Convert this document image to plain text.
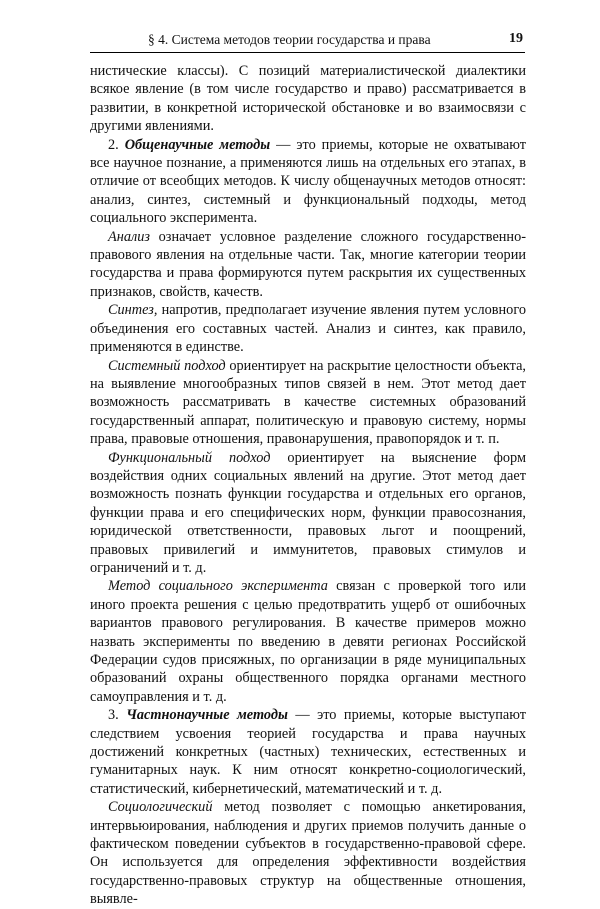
§ 4. Система методов теории государства и права	19

нистические классы). С позиций материалистической диалектики всякое явление (в том числе государство и право) рассматривается в развитии, в конкретной исторической обстановке и во взаимосвязи с другими явлениями.

2. Общенаучные методы — это приемы, которые не охватывают все научное познание, а применяются лишь на отдельных его этапах, в отличие от всеобщих методов. К числу общенаучных методов относят: анализ, синтез, системный и функциональный подходы, метод социального эксперимента.

Анализ означает условное разделение сложного государственно-правового явления на отдельные части. Так, многие категории теории государства и права формируются путем раскрытия их существенных признаков, свойств, качеств.

Синтез, напротив, предполагает изучение явления путем условного объединения его составных частей. Анализ и синтез, как правило, применяются в единстве.

Системный подход ориентирует на раскрытие целостности объекта, на выявление многообразных типов связей в нем. Этот метод дает возможность рассматривать в качестве системных образований государственный аппарат, политическую и правовую систему, нормы права, правовые отношения, правонарушения, правопорядок и т. п.

Функциональный подход ориентирует на выяснение форм воздействия одних социальных явлений на другие. Этот метод дает возможность познать функции государства и отдельных его органов, функции права и его специфических норм, функции правосознания, юридической ответственности, правовых льгот и поощрений, правовых привилегий и иммунитетов, правовых стимулов и ограничений и т. д.

Метод социального эксперимента связан с проверкой того или иного проекта решения с целью предотвратить ущерб от ошибочных вариантов правового регулирования. В качестве примеров можно назвать эксперименты по введению в девяти регионах Российской Федерации судов присяжных, по организации в ряде муниципальных образований охраны общественного порядка органами местного самоуправления и т. д.

3. Частнонаучные методы — это приемы, которые выступают следствием усвоения теорией государства и права научных достижений конкретных (частных) технических, естественных и гуманитарных наук. К ним относят конкретно-социологический, статистический, кибернетический, математический и т. д.

Социологический метод позволяет с помощью анкетирования, интервьюирования, наблюдения и других приемов получить данные о фактическом поведении субъектов в государственно-правовой сфере. Он используется для определения эффективности воздействия государственно-правовых структур на общественные отношения, выявле-
